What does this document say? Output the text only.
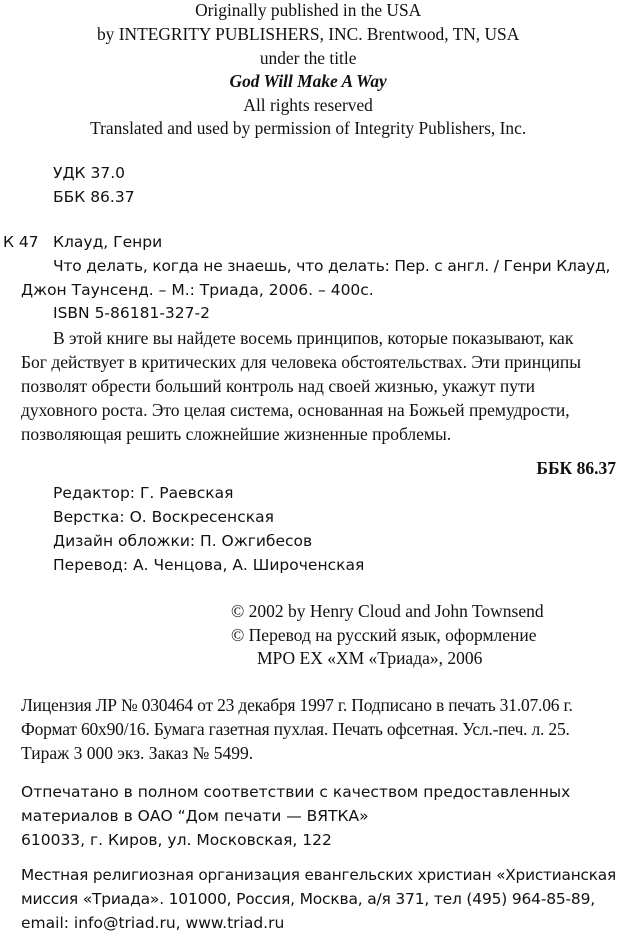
Originally published in the USA
by INTEGRITY PUBLISHERS, INC. Brentwood, TN, USA
under the title
God Will Make A Way
All rights reserved
Translated and used by permission of Integrity Publishers, Inc.
УДК 37.0
ББК 86.37
К 47 Клауд, Генри
Что делать, когда не знаешь, что делать: Пер. с англ. / Генри Клауд,
Джон Таунсенд. – М.: Триада, 2006. – 400с.
ISBN 5-86181-327-2
В этой книге вы найдете восемь принципов, которые показывают, как
Бог действует в критических для человека обстоятельствах. Эти принципы
позволят обрести больший контроль над своей жизнью, укажут пути
духовного роста. Это целая система, основанная на Божьей премудрости,
позволяющая решить сложнейшие жизненные проблемы.
ББК 86.37
Редактор: Г. Раевская
Верстка: О. Воскресенская
Дизайн обложки: П. Ожгибесов
Перевод: А. Ченцова, А. Широченская
© 2002 by Henry Cloud and John Townsend
© Перевод на русский язык, оформление
МРО ЕХ «ХМ «Триада», 2006
Лицензия ЛР № 030464 от 23 декабря 1997 г. Подписано в печать 31.07.06 г.
Формат 60х90/16. Бумага газетная пухлая. Печать офсетная. Усл.-печ. л. 25.
Тираж 3 000 экз. Заказ № 5499.
Отпечатано в полном соответствии с качеством предоставленных
материалов в ОАО “Дом печати — ВЯТКА»
610033, г. Киров, ул. Московская, 122
Местная религиозная организация евангельских христиан «Христианская
миссия «Триада». 101000, Россия, Москва, а/я 371, тел (495) 964-85-89,
email: info@triad.ru, www.triad.ru
